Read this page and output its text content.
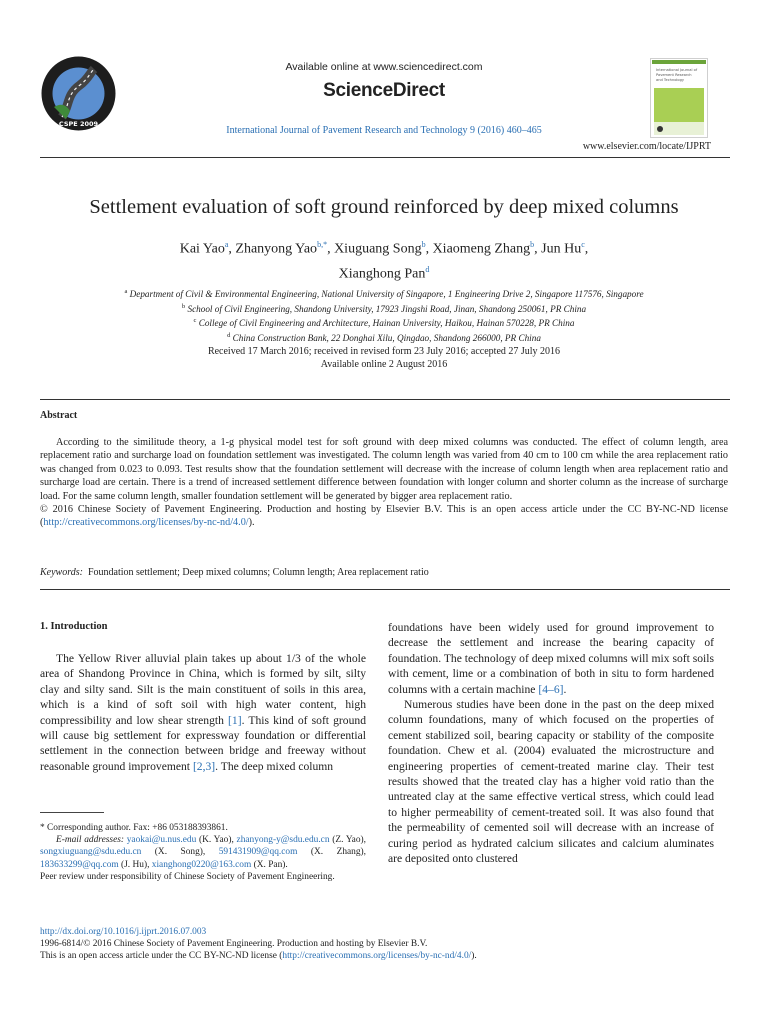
CSPE 2009
Available online at www.sciencedirect.com
ScienceDirect
International Journal of Pavement Research and Technology 9 (2016) 460–465
International Journal of
Pavement Research
and Technology
www.elsevier.com/locate/IJPRT
Settlement evaluation of soft ground reinforced by deep mixed columns
Kai Yao$^a$, Zhanyong Yao$^{b,*}$, Xiuguang Song$^b$, Xiaomeng Zhang$^b$, Jun Hu$^c$,
Xianghong Pan$^d$
$^a$ Department of Civil & Environmental Engineering, National University of Singapore, 1 Engineering Drive 2, Singapore 117576, Singapore
$^b$ School of Civil Engineering, Shandong University, 17923 Jingshi Road, Jinan, Shandong 250061, PR China
$^c$ College of Civil Engineering and Architecture, Hainan University, Haikou, Hainan 570228, PR China
$^d$ China Construction Bank, 22 Donghai Xilu, Qingdao, Shandong 266000, PR China
Received 17 March 2016; received in revised form 23 July 2016; accepted 27 July 2016
Available online 2 August 2016
Abstract

According to the similitude theory, a 1-g physical model test for soft ground with deep mixed columns was conducted. The effect of column length, area replacement ratio and surcharge load on foundation settlement was investigated. The column length was varied from 40 cm to 100 cm while the area replacement ratio was changed from 0.023 to 0.093. Test results show that the foundation settlement will decrease with the increase of column length when area replacement ratio and surcharge load are certain. There is a trend of increased settlement difference between foundation with longer column and shorter column as the increase of surcharge load. For the same column length, smaller foundation settlement will be generated by bigger area replacement ratio.

© 2016 Chinese Society of Pavement Engineering. Production and hosting by Elsevier B.V. This is an open access article under the CC BY-NC-ND license (http://creativecommons.org/licenses/by-nc-nd/4.0/).

Keywords: Foundation settlement; Deep mixed columns; Column length; Area replacement ratio
1. Introduction

The Yellow River alluvial plain takes up about 1/3 of the whole area of Shandong Province in China, which is formed by silt, silty clay and silty sand. Silt is the main constituent of soils in this area, which is a kind of soft soil with high water content, high compressibility and low shear strength [1]. This kind of soft ground will cause big settlement for expressway foundation or differential settlement in the connection between bridge and freeway without reasonable ground improvement [2,3]. The deep mixed column

* Corresponding author. Fax: +86 053188393861.
E-mail addresses: yaokai@u.nus.edu (K. Yao), zhanyong-y@sdu.edu.cn (Z. Yao), songxiuguang@sdu.edu.cn (X. Song), 591431909@qq.com (X. Zhang), 183633299@qq.com (J. Hu), xianghong0220@163.com (X. Pan).
Peer review under responsibility of Chinese Society of Pavement Engineering.

foundations have been widely used for ground improvement to decrease the settlement and increase the bearing capacity of foundation. The technology of deep mixed columns will mix soft soils with cement, lime or a combination of both in situ to form hardened columns with a certain machine [4–6].

Numerous studies have been done in the past on the deep mixed column foundations, many of which focused on the properties of cement stabilized soil, bearing capacity or stability of the composite foundation. Chew et al. (2004) evaluated the microstructure and engineering properties of cement-treated marine clay. Their test results showed that the treated clay has a higher void ratio than the untreated clay at the same effective vertical stress, which could lead to higher permeability of cement-treated soil. It was also found that the permeability of cemented soil will decrease with an increase of curing period as hydrated calcium silicates and calcium aluminates are deposited onto clustered

http://dx.doi.org/10.1016/j.ijprt.2016.07.003
1996-6814/© 2016 Chinese Society of Pavement Engineering. Production and hosting by Elsevier B.V.
This is an open access article under the CC BY-NC-ND license (http://creativecommons.org/licenses/by-nc-nd/4.0/).
